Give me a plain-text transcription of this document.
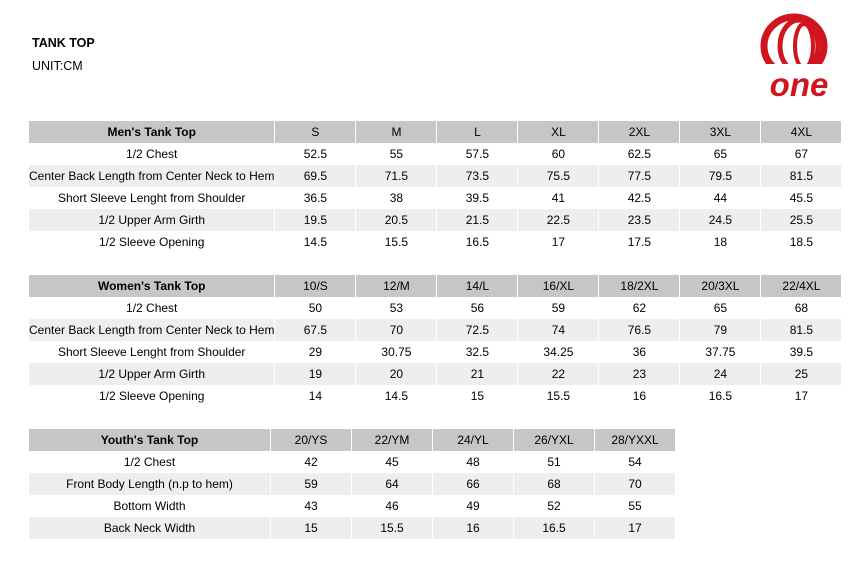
TANK TOP
UNIT:CM	one
Men's Tank Top	S	M	L	XL	2XL	3XL	4XL
1/2 Chest	52.5	55	57.5	60	62.5	65	67
Center Back Length from Center Neck to Hem	69.5	71.5	73.5	75.5	77.5	79.5	81.5
Short Sleeve Lenght from Shoulder	36.5	38	39.5	41	42.5	44	45.5
1/2 Upper Arm Girth	19.5	20.5	21.5	22.5	23.5	24.5	25.5
1/2 Sleeve Opening	14.5	15.5	16.5	17	17.5	18	18.5
Women's Tank Top	10/S	12/M	14/L	16/XL	18/2XL	20/3XL	22/4XL
1/2 Chest	50	53	56	59	62	65	68
Center Back Length from Center Neck to Hem	67.5	70	72.5	74	76.5	79	81.5
Short Sleeve Lenght from Shoulder	29	30.75	32.5	34.25	36	37.75	39.5
1/2 Upper Arm Girth	19	20	21	22	23	24	25
1/2 Sleeve Opening	14	14.5	15	15.5	16	16.5	17
Youth's Tank Top	20/YS	22/YM	24/YL	26/YXL	28/YXXL
1/2 Chest	42	45	48	51	54
Front Body Length (n.p to hem)	59	64	66	68	70
Bottom Width	43	46	49	52	55
Back Neck Width	15	15.5	16	16.5	17
